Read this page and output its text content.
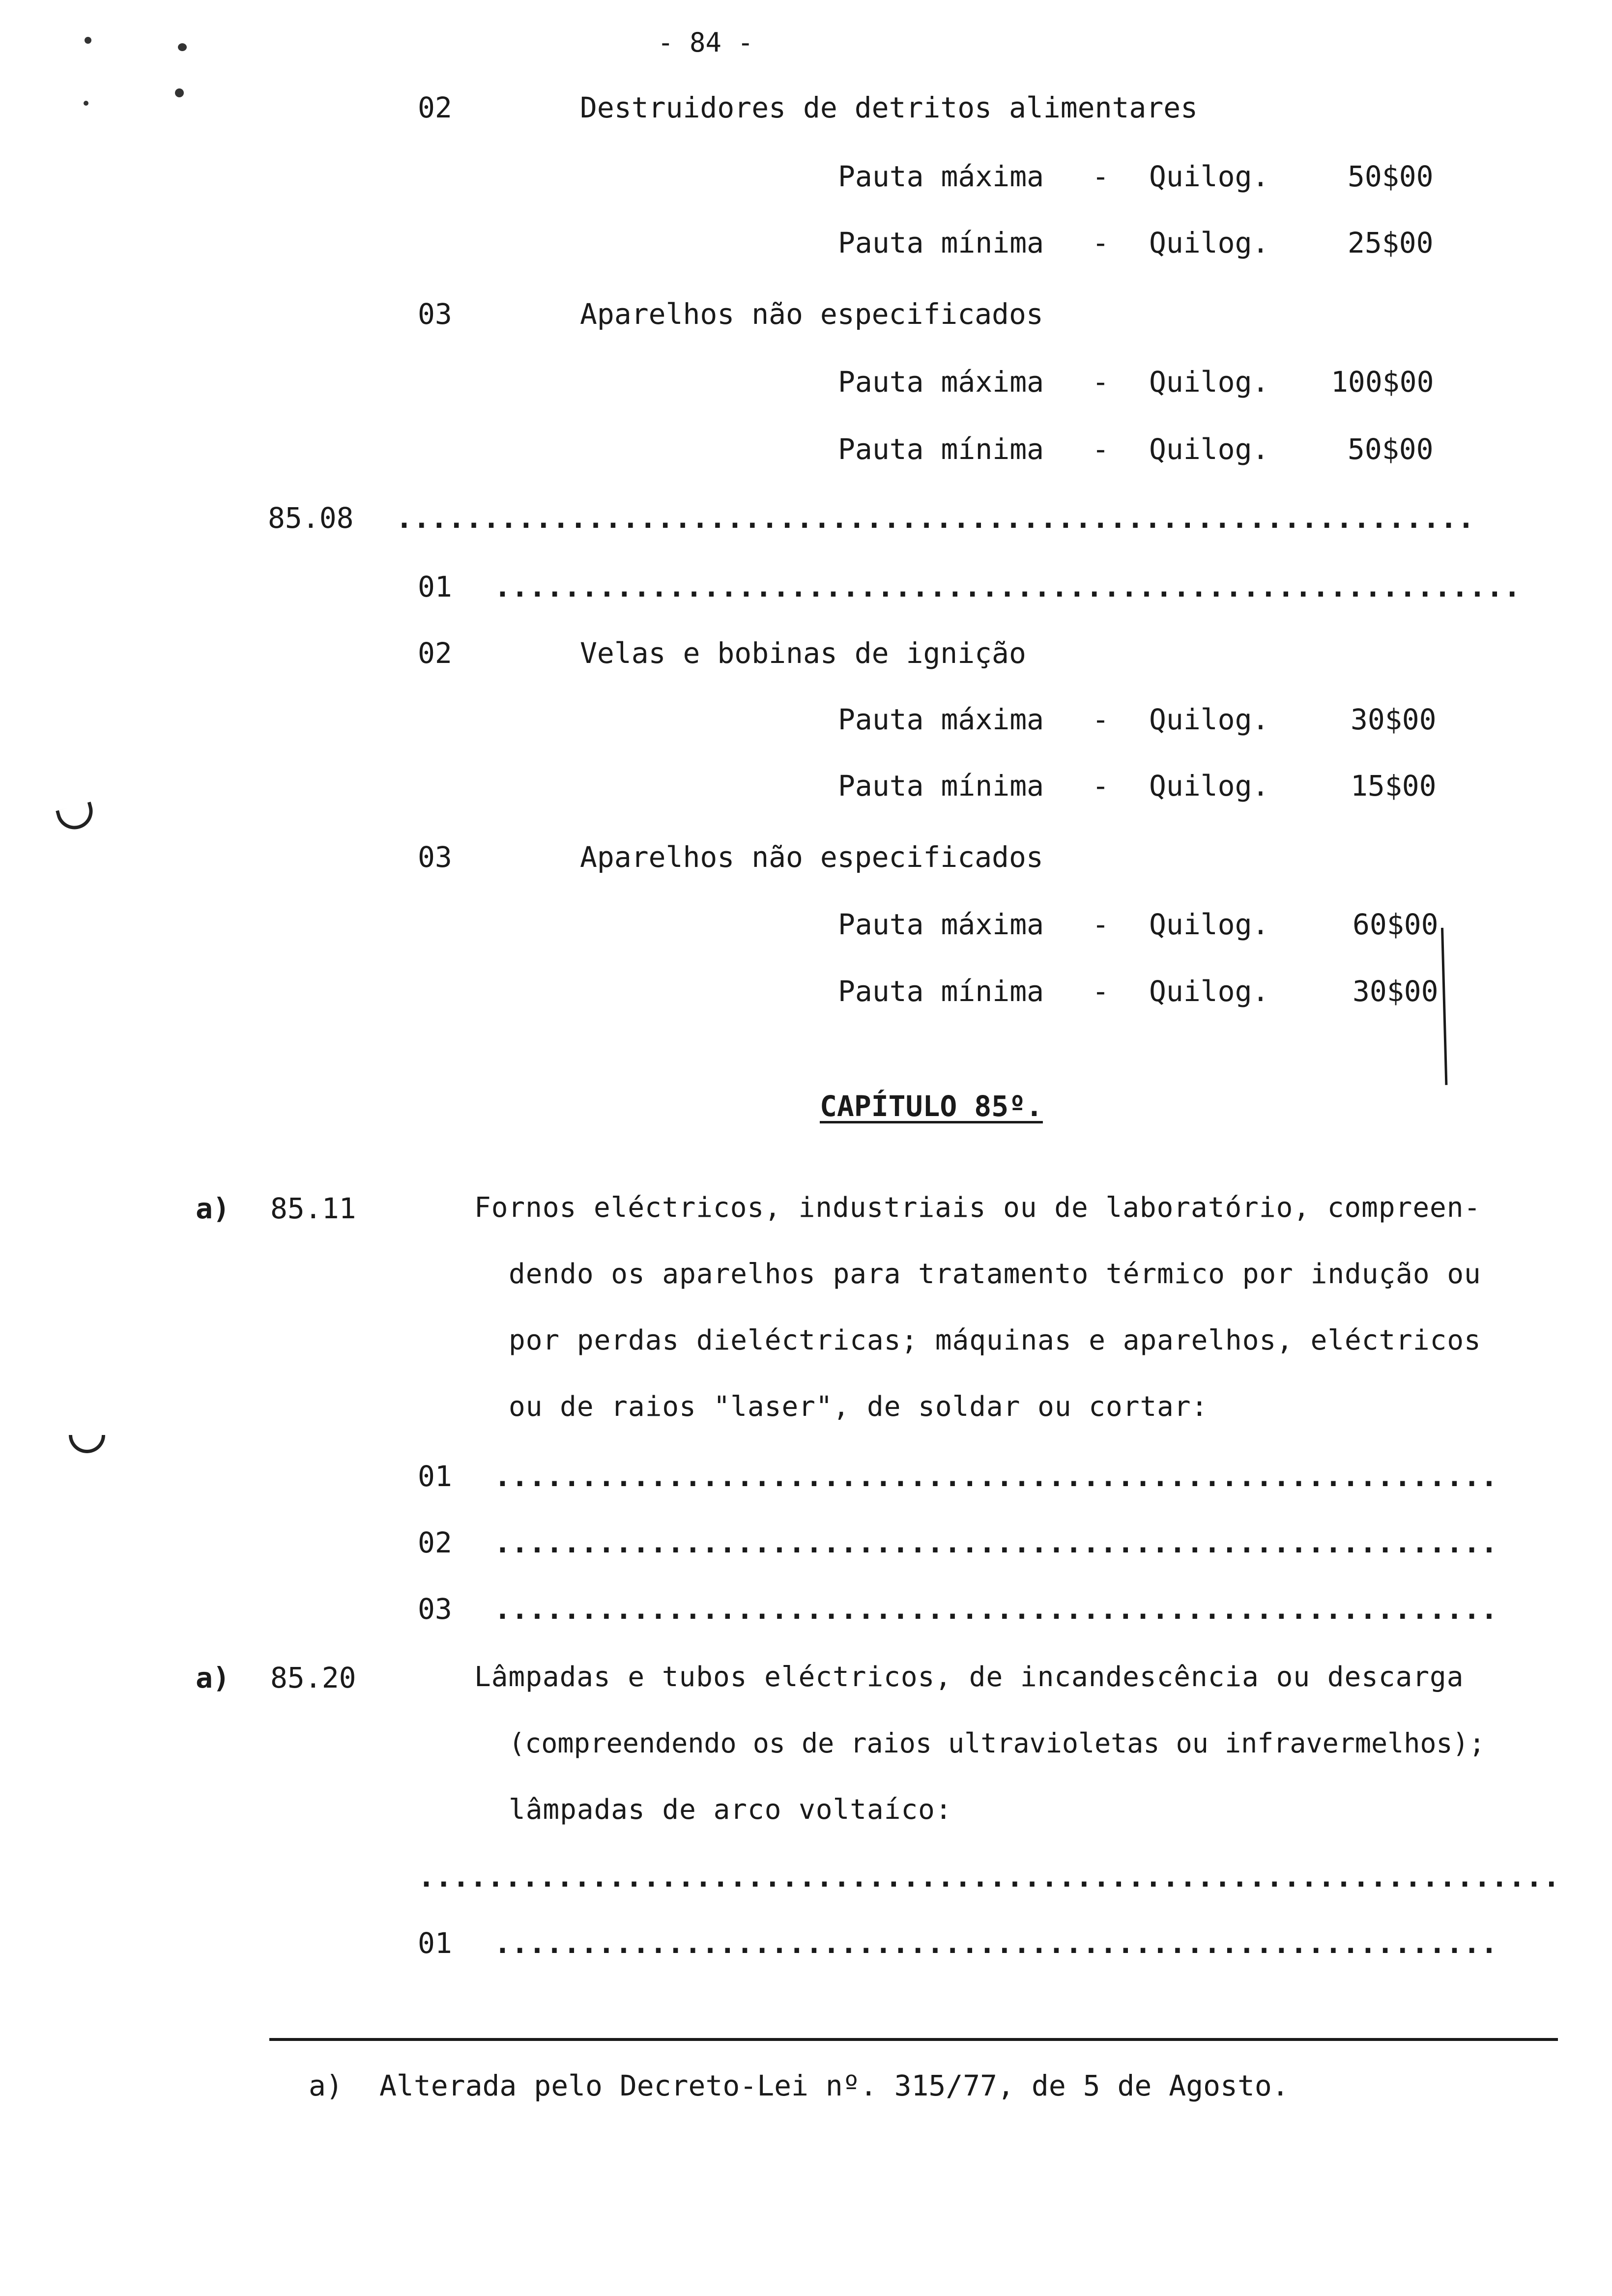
- 84 -
02	Destruidores de detritos alimentares
Pauta máxima - Quilog.	50$00
Pauta mínima - Quilog.	25$00
03	Aparelhos não especificados
Pauta máxima - Quilog. 100$00
Pauta mínima - Quilog.	50$00
85.08 ..............................................................
01 ...........................................................
02	Velas e bobinas de ignição
Pauta máxima - Quilog.	30$00
Pauta mínima - Quilog.	15$00
03	Aparelhos não especificados
Pauta máxima - Quilog.	60$00
Pauta mínima - Quilog.	30$00
CAPÍTULO 85º.
a) 85.11	Fornos eléctricos, industriais ou de laboratório, compreen-
dendo os aparelhos para tratamento térmico por indução ou
por perdas dieléctricas; máquinas e aparelhos, eléctricos
ou de raios "laser", de soldar ou cortar:
01 ..........................................................
02 ..........................................................
03 ..........................................................
a) 85.20	Lâmpadas e tubos eléctricos, de incandescência ou descarga
(compreendendo os de raios ultravioletas ou infravermelhos);
lâmpadas de arco voltaíco:
..................................................................
01 ..........................................................
a) Alterada pelo Decreto-Lei nº. 315/77, de 5 de Agosto.
